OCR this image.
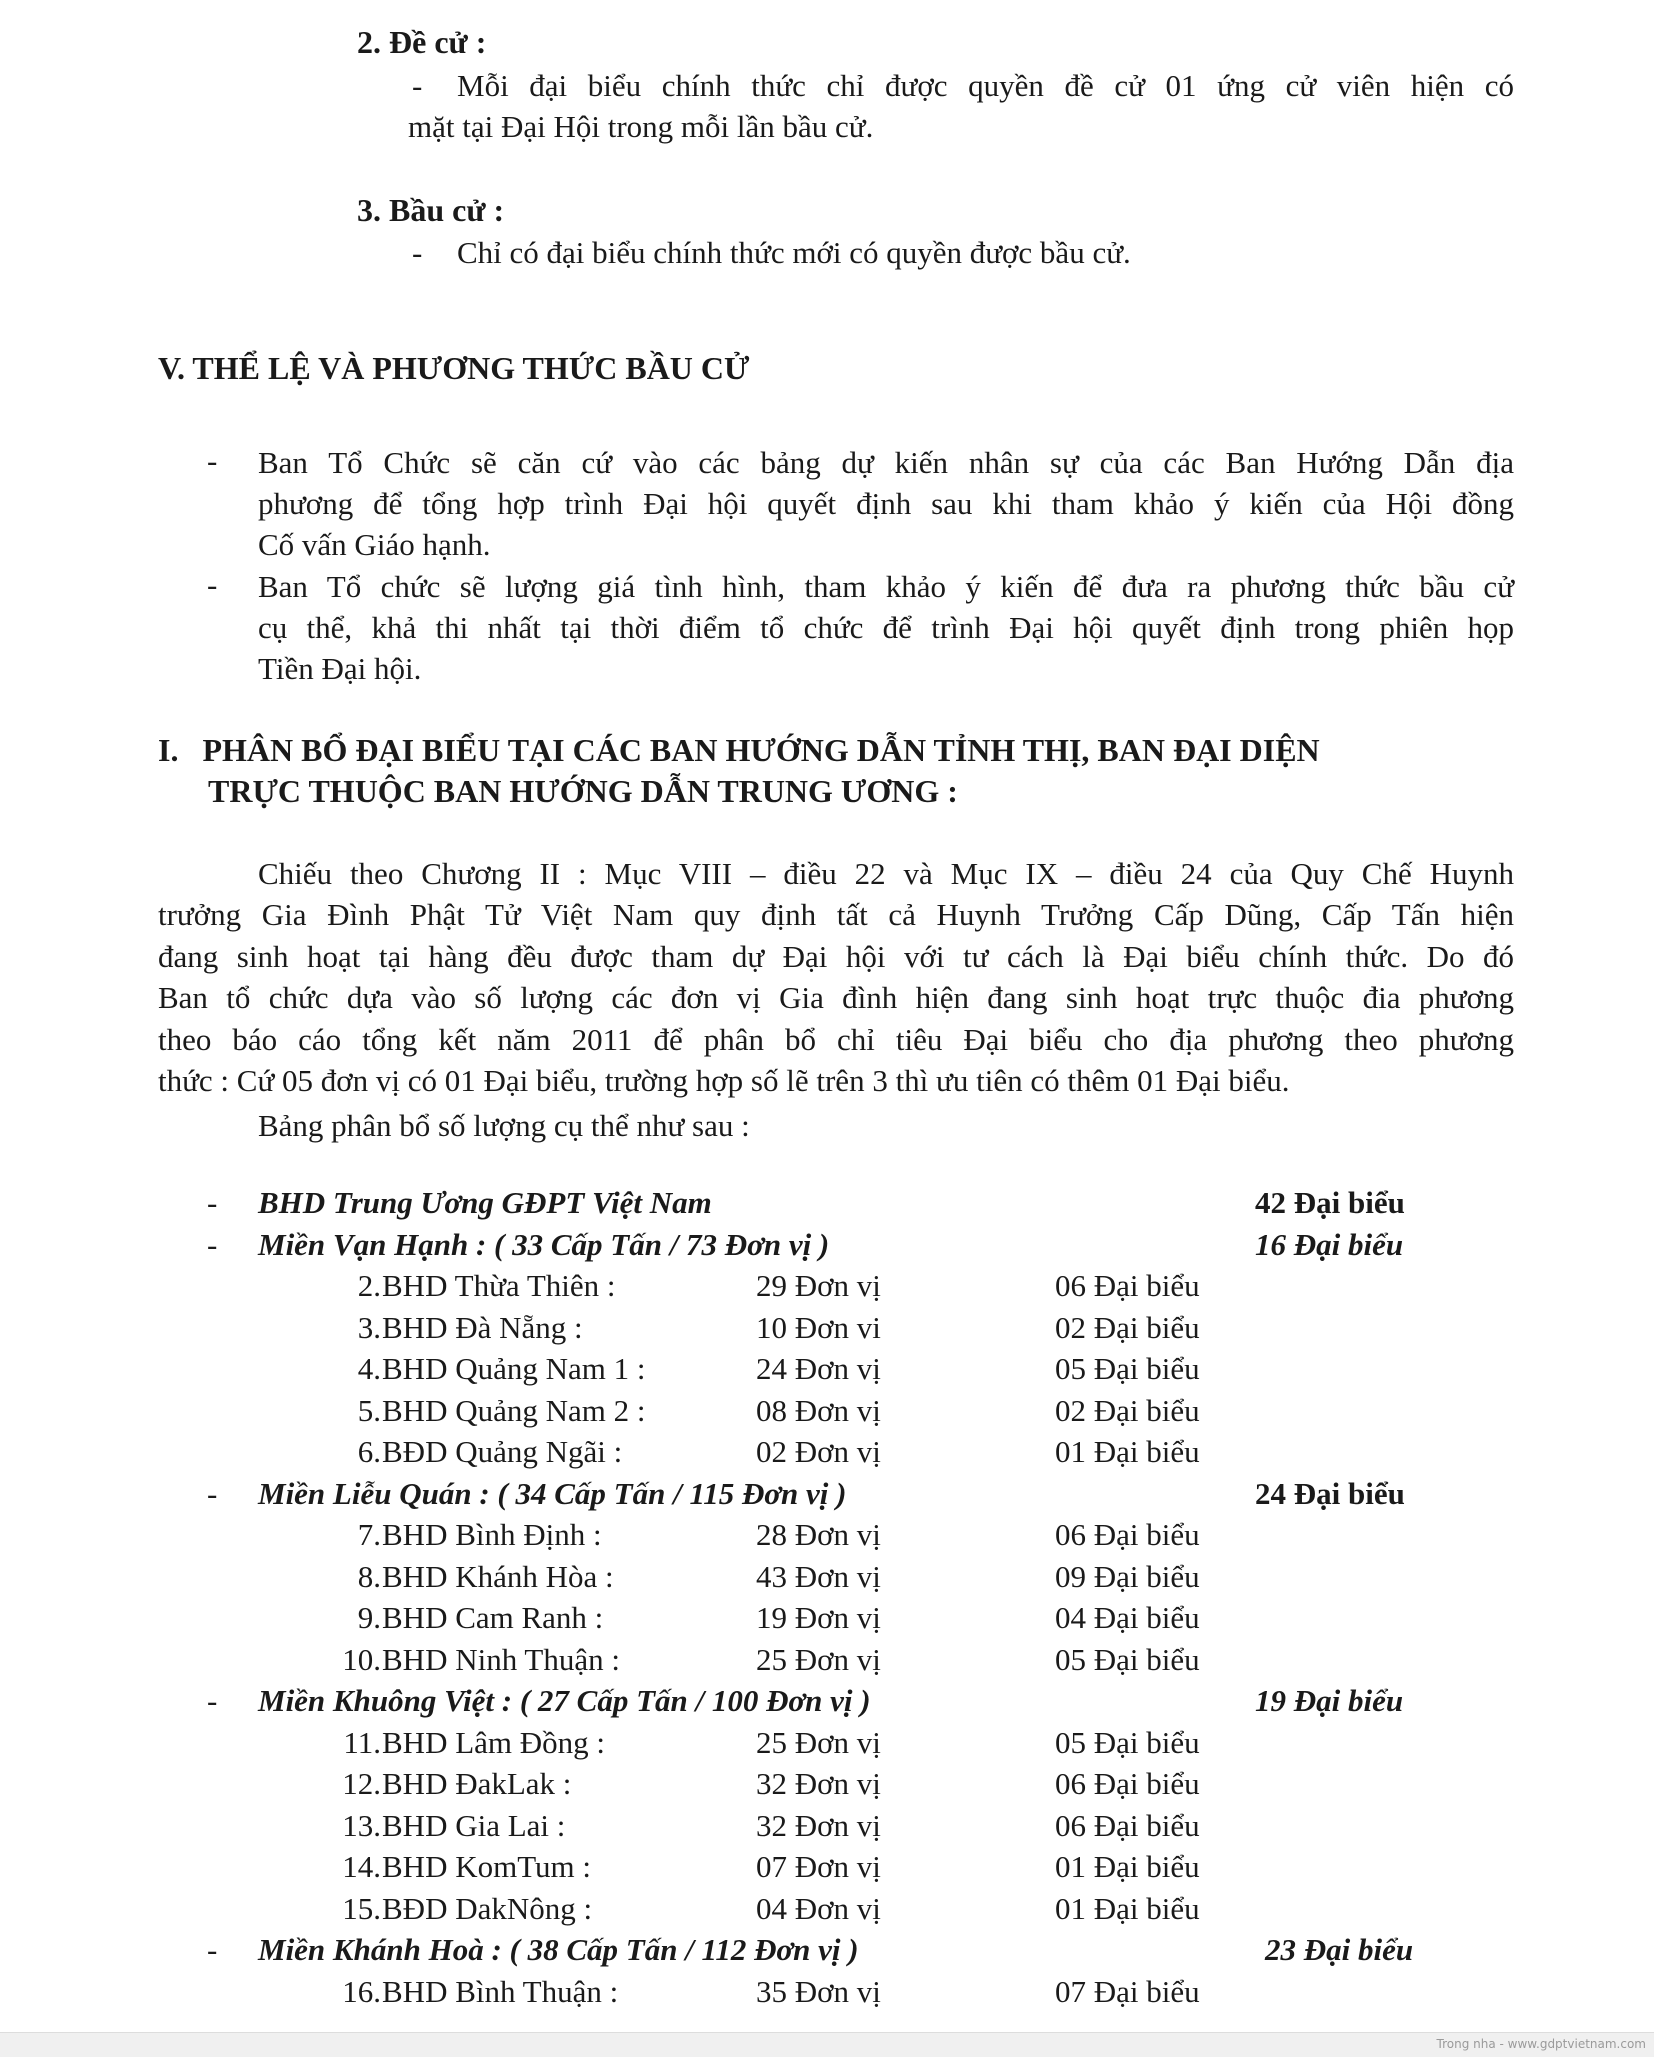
2. Đề cử :
- Mỗi đại biểu chính thức chỉ được quyền đề cử 01 ứng cử viên hiện có
mặt tại Đại Hội trong mỗi lần bầu cử.
3. Bầu cử :
- Chỉ có đại biểu chính thức mới có quyền được bầu cử.
V. THỂ LỆ VÀ PHƯƠNG THỨC BẦU CỬ
- Ban Tổ Chức sẽ căn cứ vào các bảng dự kiến nhân sự của các Ban Hướng Dẫn địa
phương để tổng hợp trình Đại hội quyết định sau khi tham khảo ý kiến của Hội đồng
Cố vấn Giáo hạnh.
- Ban Tổ chức sẽ lượng giá tình hình, tham khảo ý kiến để đưa ra phương thức bầu cử
cụ thể, khả thi nhất tại thời điểm tổ chức để trình Đại hội quyết định trong phiên họp
Tiền Đại hội.
I.   PHÂN BỔ ĐẠI BIỂU TẠI CÁC BAN HƯỚNG DẪN TỈNH THỊ, BAN ĐẠI DIỆN
TRỰC THUỘC BAN HƯỚNG DẪN TRUNG ƯƠNG :
Chiếu theo Chương II : Mục VIII – điều 22 và Mục IX – điều 24 của Quy Chế Huynh
trưởng Gia Đình Phật Tử Việt Nam quy định tất cả Huynh Trưởng Cấp Dũng, Cấp Tấn hiện
đang sinh hoạt tại hàng đều được tham dự Đại hội với tư cách là Đại biểu chính thức. Do đó
Ban tổ chức dựa vào số lượng các đơn vị Gia đình hiện đang sinh hoạt trực thuộc đia phương
theo báo cáo tổng kết năm 2011 để phân bổ chỉ tiêu Đại biểu cho địa phương theo phương
thức : Cứ 05 đơn vị có 01 Đại biểu, trường hợp số lẽ trên 3 thì ưu tiên có thêm 01 Đại biểu.
Bảng phân bổ số lượng cụ thể như sau :
- BHD Trung Ương GĐPT Việt Nam	42 Đại biểu
- Miền Vạn Hạnh : ( 33 Cấp Tấn / 73 Đơn vị )	16 Đại biểu
2. BHD Thừa Thiên :	29 Đơn vị	06 Đại biểu
3. BHD Đà Nẵng :	10 Đơn vi	02 Đại biểu
4. BHD Quảng Nam 1 :	24 Đơn vị	05 Đại biểu
5. BHD Quảng Nam 2 :	08 Đơn vị	02 Đại biểu
6. BĐD Quảng Ngãi :	02 Đơn vị	01 Đại biểu
- Miền Liễu Quán : ( 34 Cấp Tấn / 115 Đơn vị )	24 Đại biểu
7. BHD Bình Định :	28 Đơn vị	06 Đại biểu
8. BHD Khánh Hòa :	43 Đơn vị	09 Đại biểu
9. BHD Cam Ranh :	19 Đơn vị	04 Đại biểu
10. BHD Ninh Thuận :	25 Đơn vị	05 Đại biểu
- Miền Khuông Việt : ( 27 Cấp Tấn / 100 Đơn vị )	19 Đại biểu
11. BHD Lâm Đồng :	25 Đơn vị	05 Đại biểu
12. BHD ĐakLak :	32 Đơn vị	06 Đại biểu
13. BHD Gia Lai :	32 Đơn vị	06 Đại biểu
14. BHD KomTum :	07 Đơn vị	01 Đại biểu
15. BĐD DakNông :	04 Đơn vị	01 Đại biểu
- Miền Khánh Hoà : ( 38 Cấp Tấn / 112 Đơn vị )	23 Đại biểu
16. BHD Bình Thuận :	35 Đơn vị	07 Đại biểu
Trong nha - www.gdptvietnam.com
